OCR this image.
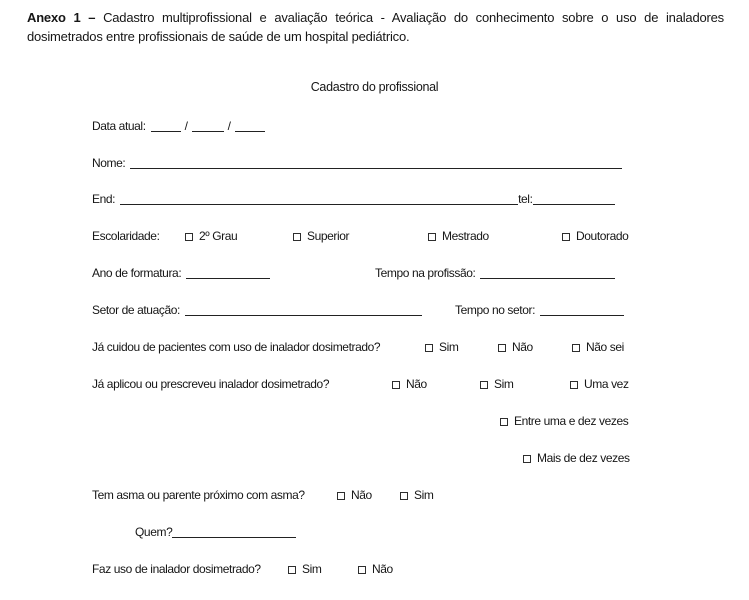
Anexo 1 – Cadastro multiprofissional e avaliação teórica - Avaliação do conhecimento sobre o uso de inaladores dosimetrados entre profissionais de saúde de um hospital pediátrico.

Cadastro do profissional
Data atual:	/	/
Nome:
End:	tel:
Escolaridade:	2º Grau	Superior	Mestrado	Doutorado
Ano de formatura:	Tempo na profissão:
Setor de atuação:	Tempo no setor:
Já cuidou de pacientes com uso de inalador dosimetrado?	Sim	Não	Não sei
Já aplicou ou prescreveu inalador dosimetrado?	Não	Sim	Uma vez
Entre uma e dez vezes
Mais de dez vezes
Tem asma ou parente próximo com asma?	Não	Sim
Quem?
Faz uso de inalador dosimetrado?	Sim	Não
